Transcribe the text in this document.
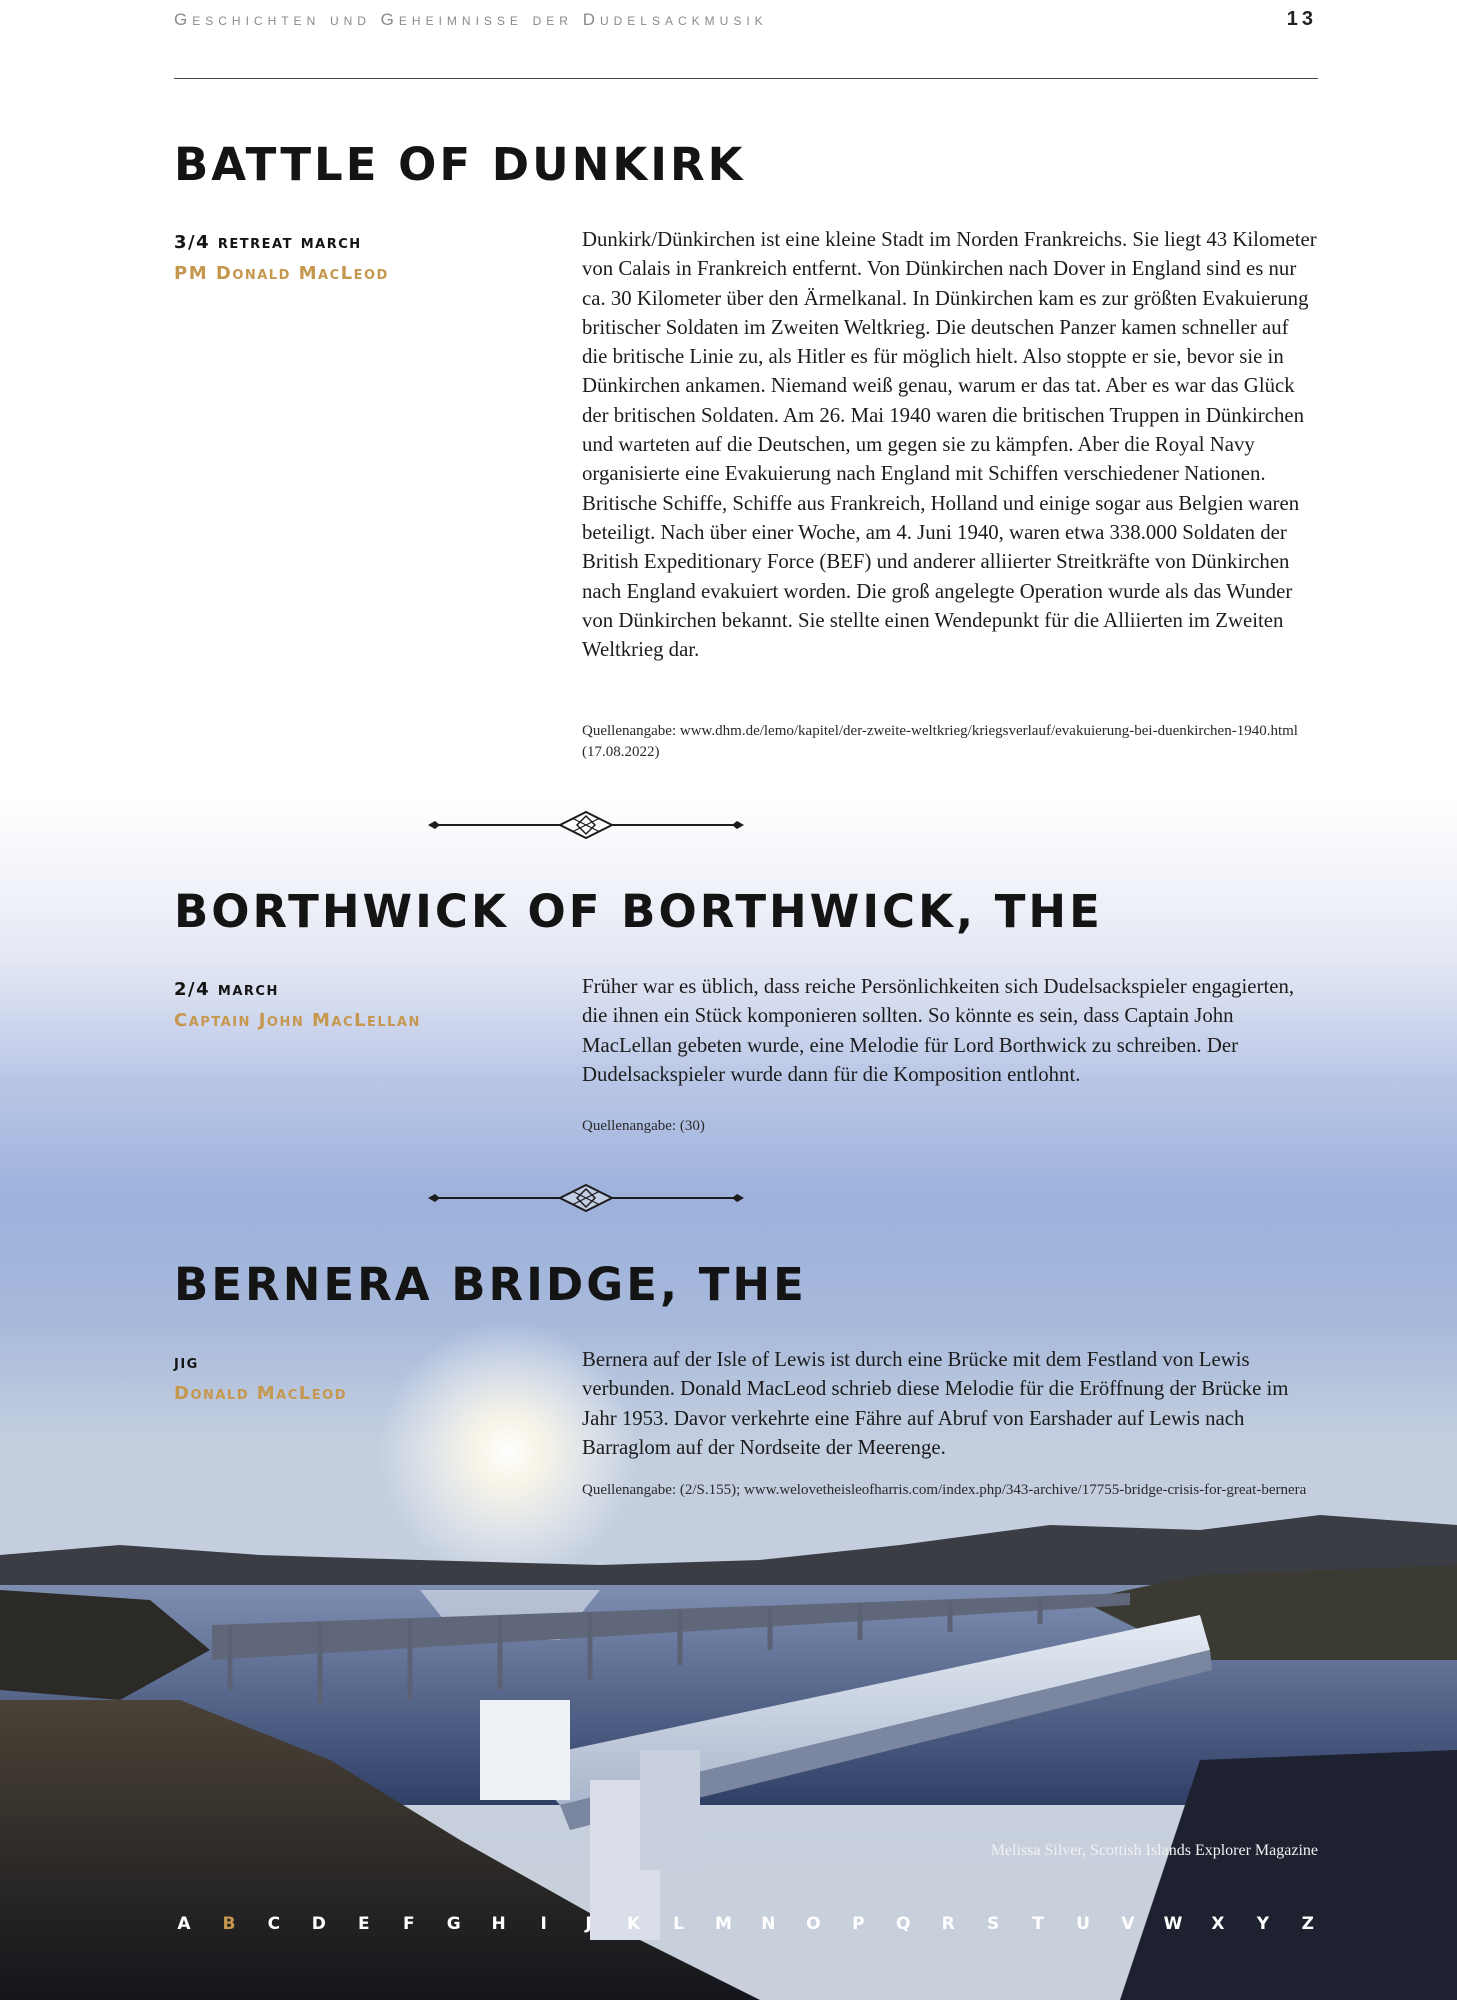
Geschichten und Geheimnisse der Dudelsackmusik	13
BATTLE OF DUNKIRK
3/4 retreat march
PM Donald MacLeod

Dunkirk/Dünkirchen ist eine kleine Stadt im Norden Frankreichs. Sie liegt 43 Kilometer von Calais in Frankreich entfernt. Von Dünkirchen nach Dover in England sind es nur ca. 30 Kilometer über den Ärmelkanal. In Dünkirchen kam es zur größten Evakuierung britischer Soldaten im Zweiten Weltkrieg. Die deutschen Panzer kamen schneller auf die britische Linie zu, als Hitler es für möglich hielt. Also stoppte er sie, bevor sie in Dünkirchen ankamen. Niemand weiß genau, warum er das tat. Aber es war das Glück der britischen Soldaten. Am 26. Mai 1940 waren die britischen Truppen in Dünkirchen und warteten auf die Deutschen, um gegen sie zu kämpfen. Aber die Royal Navy organisierte eine Evakuierung nach England mit Schiffen verschiedener Nationen. Britische Schiffe, Schiffe aus Frankreich, Holland und einige sogar aus Belgien waren beteiligt. Nach über einer Woche, am 4. Juni 1940, waren etwa 338.000 Soldaten der British Expeditionary Force (BEF) und anderer alliierter Streitkräfte von Dünkirchen nach England evakuiert worden. Die groß angelegte Operation wurde als das Wunder von Dünkirchen bekannt. Sie stellte einen Wendepunkt für die Alliierten im Zweiten Weltkrieg dar.

Quellenangabe: www.dhm.de/lemo/kapitel/der-zweite-weltkrieg/kriegsverlauf/evakuierung-bei-duenkirchen-1940.html (17.08.2022)
BORTHWICK OF BORTHWICK, THE
2/4 march
Captain John MacLellan

Früher war es üblich, dass reiche Persönlichkeiten sich Dudelsackspieler engagierten, die ihnen ein Stück komponieren sollten. So könnte es sein, dass Captain John MacLellan gebeten wurde, eine Melodie für Lord Borthwick zu schreiben. Der Dudelsackspieler wurde dann für die Komposition entlohnt.

Quellenangabe: (30)
BERNERA BRIDGE, THE
jig
Donald MacLeod

Bernera auf der Isle of Lewis ist durch eine Brücke mit dem Festland von Lewis verbunden. Donald MacLeod schrieb diese Melodie für die Eröffnung der Brücke im Jahr 1953. Davor verkehrte eine Fähre auf Abruf von Earshader auf Lewis nach Barraglom auf der Nordseite der Meerenge.

Quellenangabe: (2/S.155); www.welovetheisleofharris.com/index.php/343-archive/17755-bridge-crisis-for-great-bernera
Melissa Silver, Scottish Islands Explorer Magazine
A B C D E F G H	I	J	K L M N O P Q R S T U V W X Y Z
